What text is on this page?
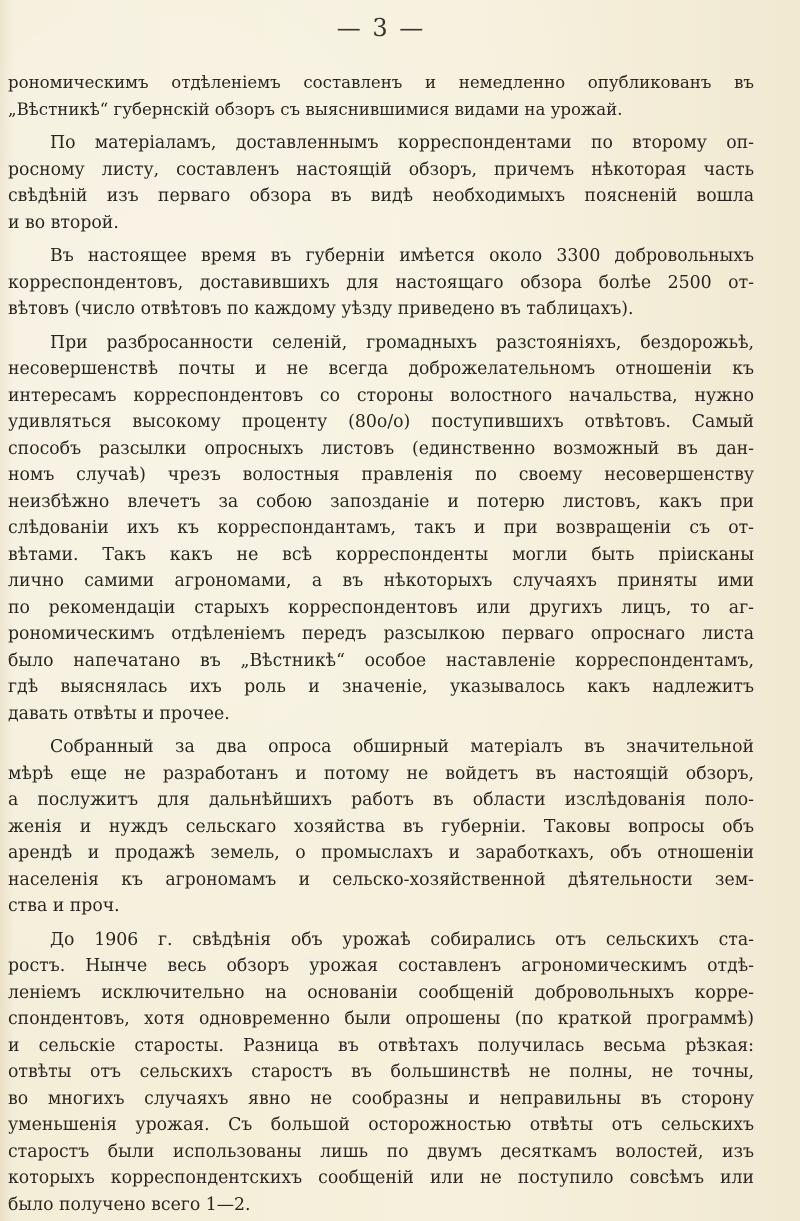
— 3 —
рономическимъ отдѣленіемъ составленъ и немедленно опубликованъ въ
„Вѣстникѣ“ губернскій обзоръ съ выяснившимися видами на урожай.
По матеріаламъ, доставленнымъ корреспондентами по второму оп-
росному листу, составленъ настоящій обзоръ, причемъ нѣкоторая часть
свѣдѣній изъ перваго обзора въ видѣ необходимыхъ поясненій вошла
и во второй.
Въ настоящее время въ губерніи имѣется около 3300 добровольныхъ
корреспондентовъ, доставившихъ для настоящаго обзора болѣе 2500 от-
вѣтовъ (число отвѣтовъ по каждому уѣзду приведено въ таблицахъ).
При разбросанности селеній, громадныхъ разстояніяхъ, бездорожьѣ,
несовершенствѣ почты и не всегда доброжелательномъ отношеніи къ
интересамъ корреспондентовъ со стороны волостного начальства, нужно
удивляться высокому проценту (80о/о) поступившихъ отвѣтовъ. Самый
способъ разсылки опросныхъ листовъ (единственно возможный въ дан-
номъ случаѣ) чрезъ волостныя правленія по своему несовершенству
неизбѣжно влечетъ за собою запозданіе и потерю листовъ, какъ при
слѣдованіи ихъ къ корреспондантамъ, такъ и при возвращеніи съ от-
вѣтами. Такъ какъ не всѣ корреспонденты могли быть пріисканы
лично самими агрономами, а въ нѣкоторыхъ случаяхъ приняты ими
по рекомендаціи старыхъ корреспондентовъ или другихъ лицъ, то аг-
рономическимъ отдѣленіемъ передъ разсылкою перваго опроснаго листа
было напечатано въ „Вѣстникѣ“ особое наставленіе корреспондентамъ,
гдѣ выяснялась ихъ роль и значеніе, указывалось какъ надлежитъ
давать отвѣты и прочее.
Собранный за два опроса обширный матеріалъ въ значительной
мѣрѣ еще не разработанъ и потому не войдетъ въ настоящій обзоръ,
а послужитъ для дальнѣйшихъ работъ въ области изслѣдованія поло-
женія и нуждъ сельскаго хозяйства въ губерніи. Таковы вопросы объ
арендѣ и продажѣ земель, о промыслахъ и заработкахъ, объ отношеніи
населенія къ агрономамъ и сельско-хозяйственной дѣятельности зем-
ства и проч.
До 1906 г. свѣдѣнія объ урожаѣ собирались отъ сельскихъ ста-
ростъ. Нынче весь обзоръ урожая составленъ агрономическимъ отдѣ-
леніемъ исключительно на основаніи сообщеній добровольныхъ корре-
спондентовъ, хотя одновременно были опрошены (по краткой программѣ)
и сельскіе старосты. Разница въ отвѣтахъ получилась весьма рѣзкая:
отвѣты отъ сельскихъ старостъ въ большинствѣ не полны, не точны,
во многихъ случаяхъ явно не сообразны и неправильны въ сторону
уменьшенія урожая. Съ большой осторожностью отвѣты отъ сельскихъ
старостъ были использованы лишь по двумъ десяткамъ волостей, изъ
которыхъ корреспондентскихъ сообщеній или не поступило совсѣмъ или
было получено всего 1—2.
